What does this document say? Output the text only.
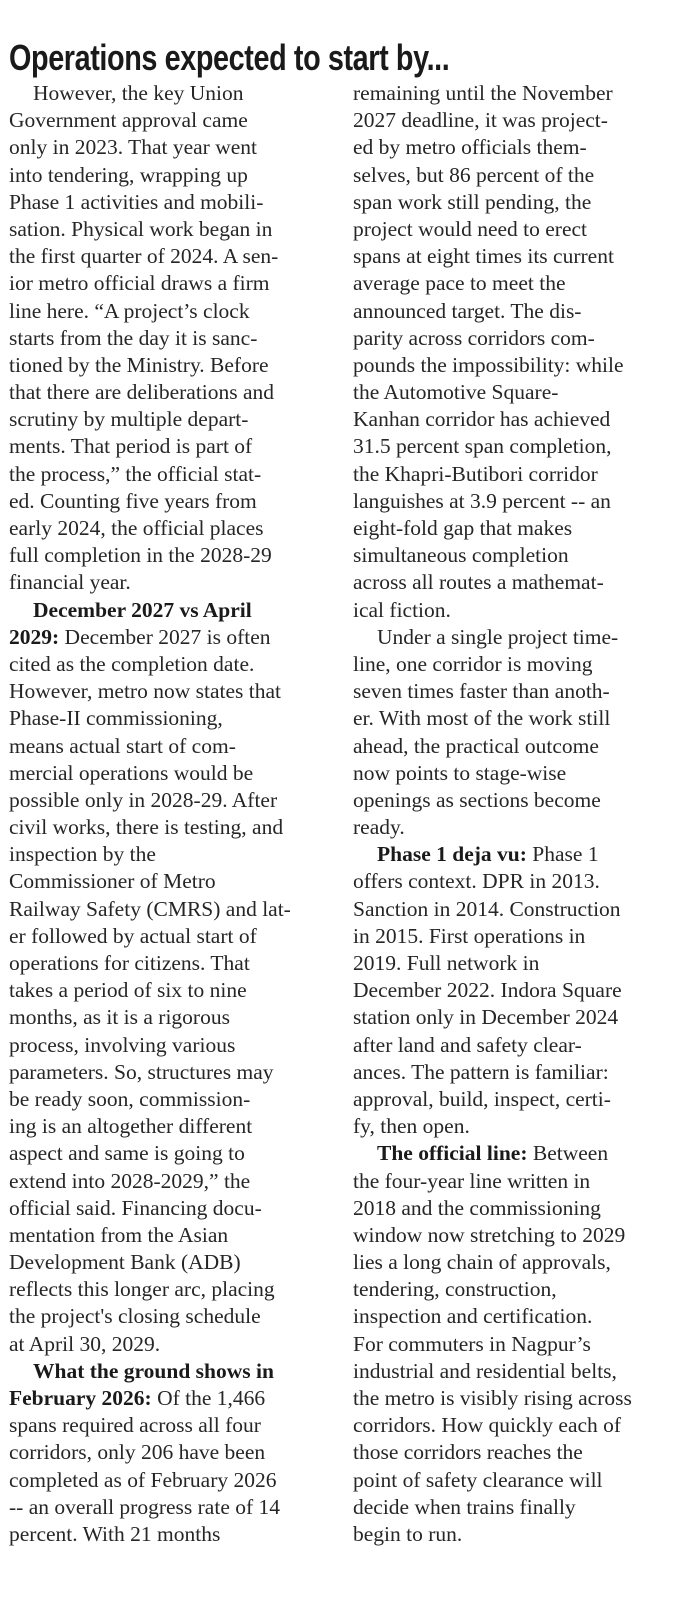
Operations expected to start by...
However, the key Union
Government approval came
only in 2023. That year went
into tendering, wrapping up
Phase 1 activities and mobili-
sation. Physical work began in
the first quarter of 2024. A sen-
ior metro official draws a firm
line here. “A project’s clock
starts from the day it is sanc-
tioned by the Ministry. Before
that there are deliberations and
scrutiny by multiple depart-
ments. That period is part of
the process,” the official stat-
ed. Counting five years from
early 2024, the official places
full completion in the 2028-29
financial year.
December 2027 vs April
2029: December 2027 is often
cited as the completion date.
However, metro now states that
Phase-II commissioning,
means actual start of com-
mercial operations would be
possible only in 2028-29. After
civil works, there is testing, and
inspection by the
Commissioner of Metro
Railway Safety (CMRS) and lat-
er followed by actual start of
operations for citizens. That
takes a period of six to nine
months, as it is a rigorous
process, involving various
parameters. So, structures may
be ready soon, commission-
ing is an altogether different
aspect and same is going to
extend into 2028-2029,” the
official said. Financing docu-
mentation from the Asian
Development Bank (ADB)
reflects this longer arc, placing
the project's closing schedule
at April 30, 2029.
What the ground shows in
February 2026: Of the 1,466
spans required across all four
corridors, only 206 have been
completed as of February 2026
-- an overall progress rate of 14
percent. With 21 months
remaining until the November
2027 deadline, it was project-
ed by metro officials them-
selves, but 86 percent of the
span work still pending, the
project would need to erect
spans at eight times its current
average pace to meet the
announced target. The dis-
parity across corridors com-
pounds the impossibility: while
the Automotive Square-
Kanhan corridor has achieved
31.5 percent span completion,
the Khapri-Butibori corridor
languishes at 3.9 percent -- an
eight-fold gap that makes
simultaneous completion
across all routes a mathemat-
ical fiction.
Under a single project time-
line, one corridor is moving
seven times faster than anoth-
er. With most of the work still
ahead, the practical outcome
now points to stage-wise
openings as sections become
ready.
Phase 1 deja vu: Phase 1
offers context. DPR in 2013.
Sanction in 2014. Construction
in 2015. First operations in
2019. Full network in
December 2022. Indora Square
station only in December 2024
after land and safety clear-
ances. The pattern is familiar:
approval, build, inspect, certi-
fy, then open.
The official line: Between
the four-year line written in
2018 and the commissioning
window now stretching to 2029
lies a long chain of approvals,
tendering, construction,
inspection and certification.
For commuters in Nagpur’s
industrial and residential belts,
the metro is visibly rising across
corridors. How quickly each of
those corridors reaches the
point of safety clearance will
decide when trains finally
begin to run.
